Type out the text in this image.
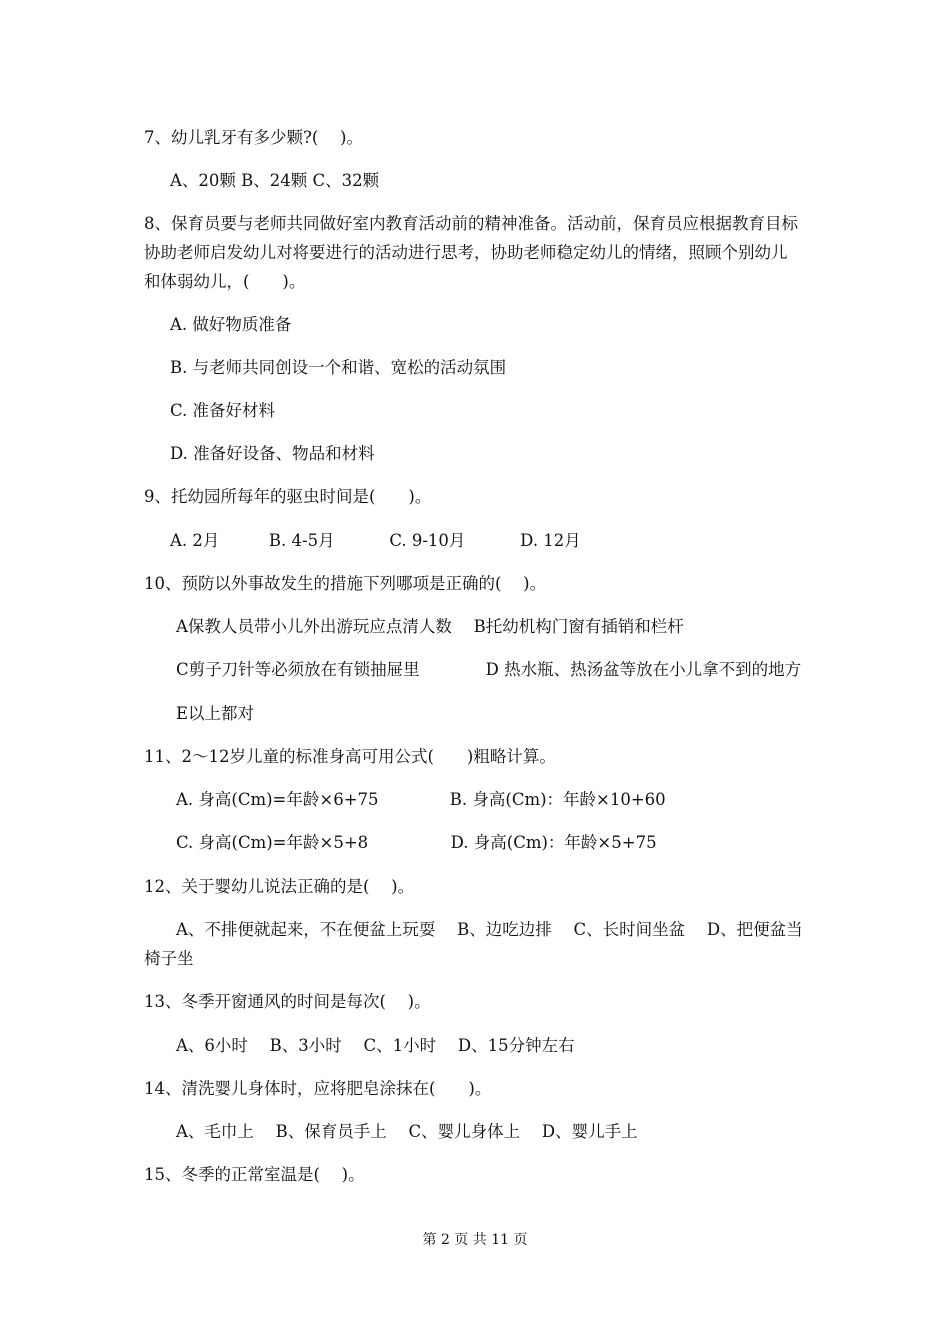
7、幼儿乳牙有多少颗?(　 )。
A、20颗 B、24颗 C、32颗
8、保育员要与老师共同做好室内教育活动前的精神准备。活动前，保育员应根据教育目标
协助老师启发幼儿对将要进行的活动进行思考，协助老师稳定幼儿的情绪，照顾个别幼儿
和体弱幼儿，(　　)。
A. 做好物质准备
B. 与老师共同创设一个和谐、宽松的活动氛围
C. 准备好材料
D. 准备好设备、物品和材料
9、托幼园所每年的驱虫时间是(　　)。
A. 2月　　　B. 4-5月　　　 C. 9-10月　　　 D. 12月
10、预防以外事故发生的措施下列哪项是正确的(　 )。
A保教人员带小儿外出游玩应点清人数　 B托幼机构门窗有插销和栏杆
C剪子刀针等必须放在有锁抽屉里　　　　D 热水瓶、热汤盆等放在小儿拿不到的地方
E以上都对
11、2～12岁儿童的标准身高可用公式(　　)粗略计算。
A. 身高(Cm)=年龄×6+75　　　　 B. 身高(Cm)：年龄×10+60
C. 身高(Cm)=年龄×5+8　　　　　D. 身高(Cm)：年龄×5+75
12、关于婴幼儿说法正确的是(　 )。
A、不排便就起来，不在便盆上玩耍　 B、边吃边排　 C、长时间坐盆　 D、把便盆当
椅子坐
13、冬季开窗通风的时间是每次(　 )。
A、6小时　 B、3小时　 C、1小时　 D、15分钟左右
14、清洗婴儿身体时，应将肥皂涂抹在(　　)。
A、毛巾上　 B、保育员手上　 C、婴儿身体上　 D、婴儿手上
15、冬季的正常室温是(　 )。
第 2 页 共 11 页
